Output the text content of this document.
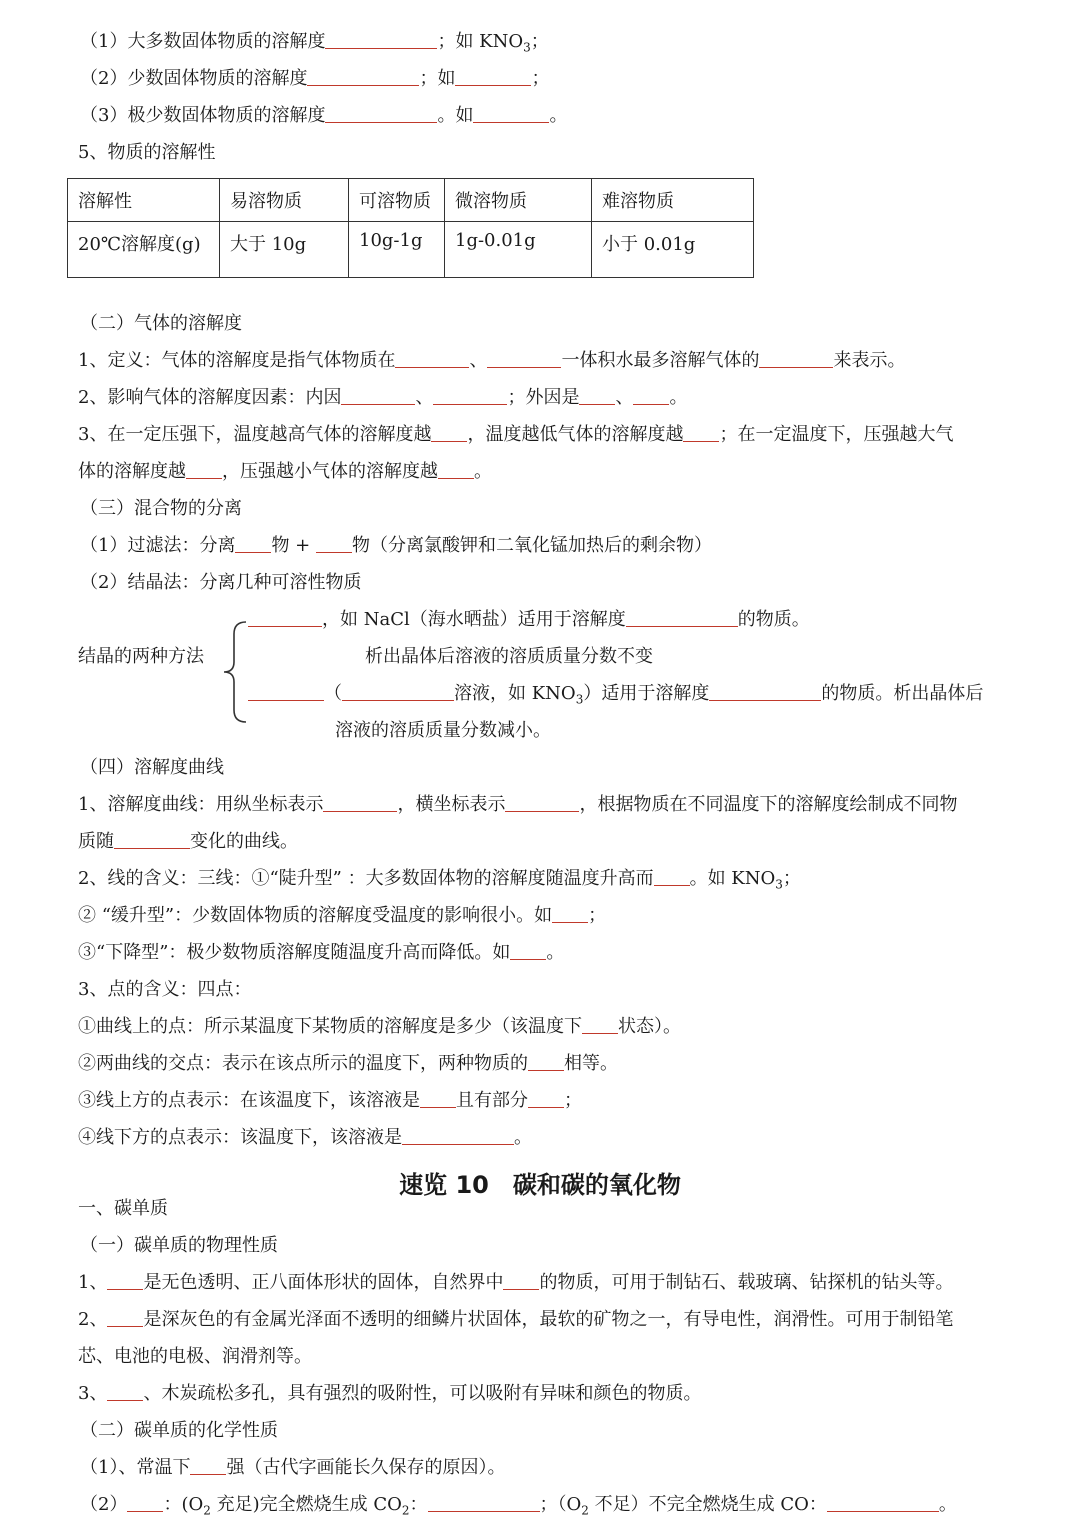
（1）大多数固体物质的溶解度	；如 $KNO_3$；
（2）少数固体物质的溶解度	；如	；
（3）极少数固体物质的溶解度	。如	。
5、物质的溶解性
溶解性	易溶物质	可溶物质	微溶物质	难溶物质
20℃溶解度(g)	大于 10g	10g-1g	1g-0.01g	小于 0.01g
（二）气体的溶解度
1、定义：气体的溶解度是指气体物质在	、	一体积水最多溶解气体的	来表示。
2、影响气体的溶解度因素：内因	、	；外因是 、 。
3、在一定压强下，温度越高气体的溶解度越 ，温度越低气体的溶解度越 ；在一定温度下，压强越大气
体的溶解度越 ，压强越小气体的溶解度越 。
（三）混合物的分离
（1）过滤法：分离 物 + 物（分离氯酸钾和二氧化锰加热后的剩余物）
（2）结晶法：分离几种可溶性物质
，如 NaCl（海水晒盐）适用于溶解度	的物质。
结晶的两种方法	析出晶体后溶液的溶质质量分数不变
（	溶液，如 $KNO_3$）适用于溶解度	的物质。析出晶体后
溶液的溶质质量分数减小。
（四）溶解度曲线
1、溶解度曲线：用纵坐标表示	，横坐标表示	，根据物质在不同温度下的溶解度绘制成不同物
质随	变化的曲线。
2、线的含义：三线：①“陡升型” ：大多数固体物的溶解度随温度升高而 。如 $KNO_3$；
② “缓升型”：少数固体物质的溶解度受温度的影响很小。如 ；
③“下降型”：极少数物质溶解度随温度升高而降低。如 。
3、点的含义：四点：
①曲线上的点：所示某温度下某物质的溶解度是多少（该温度下 状态）。
②两曲线的交点：表示在该点所示的温度下，两种物质的 相等。
③线上方的点表示：在该温度下，该溶液是 且有部分 ；
④线下方的点表示：该温度下，该溶液是	。
速览 10　碳和碳的氧化物
一、碳单质
（一）碳单质的物理性质
1、 是无色透明、正八面体形状的固体，自然界中 的物质，可用于制钻石、载玻璃、钻探机的钻头等。
2、 是深灰色的有金属光泽面不透明的细鳞片状固体，最软的矿物之一，有导电性，润滑性。可用于制铅笔
芯、电池的电极、润滑剂等。
3、 、木炭疏松多孔，具有强烈的吸附性，可以吸附有异味和颜色的物质。
（二）碳单质的化学性质
（1）、常温下 强（古代字画能长久保存的原因）。
（2） ：($O_2$ 充足)完全燃烧生成 $CO_2$：	；（$O_2$ 不足）不完全燃烧生成 CO：	。
